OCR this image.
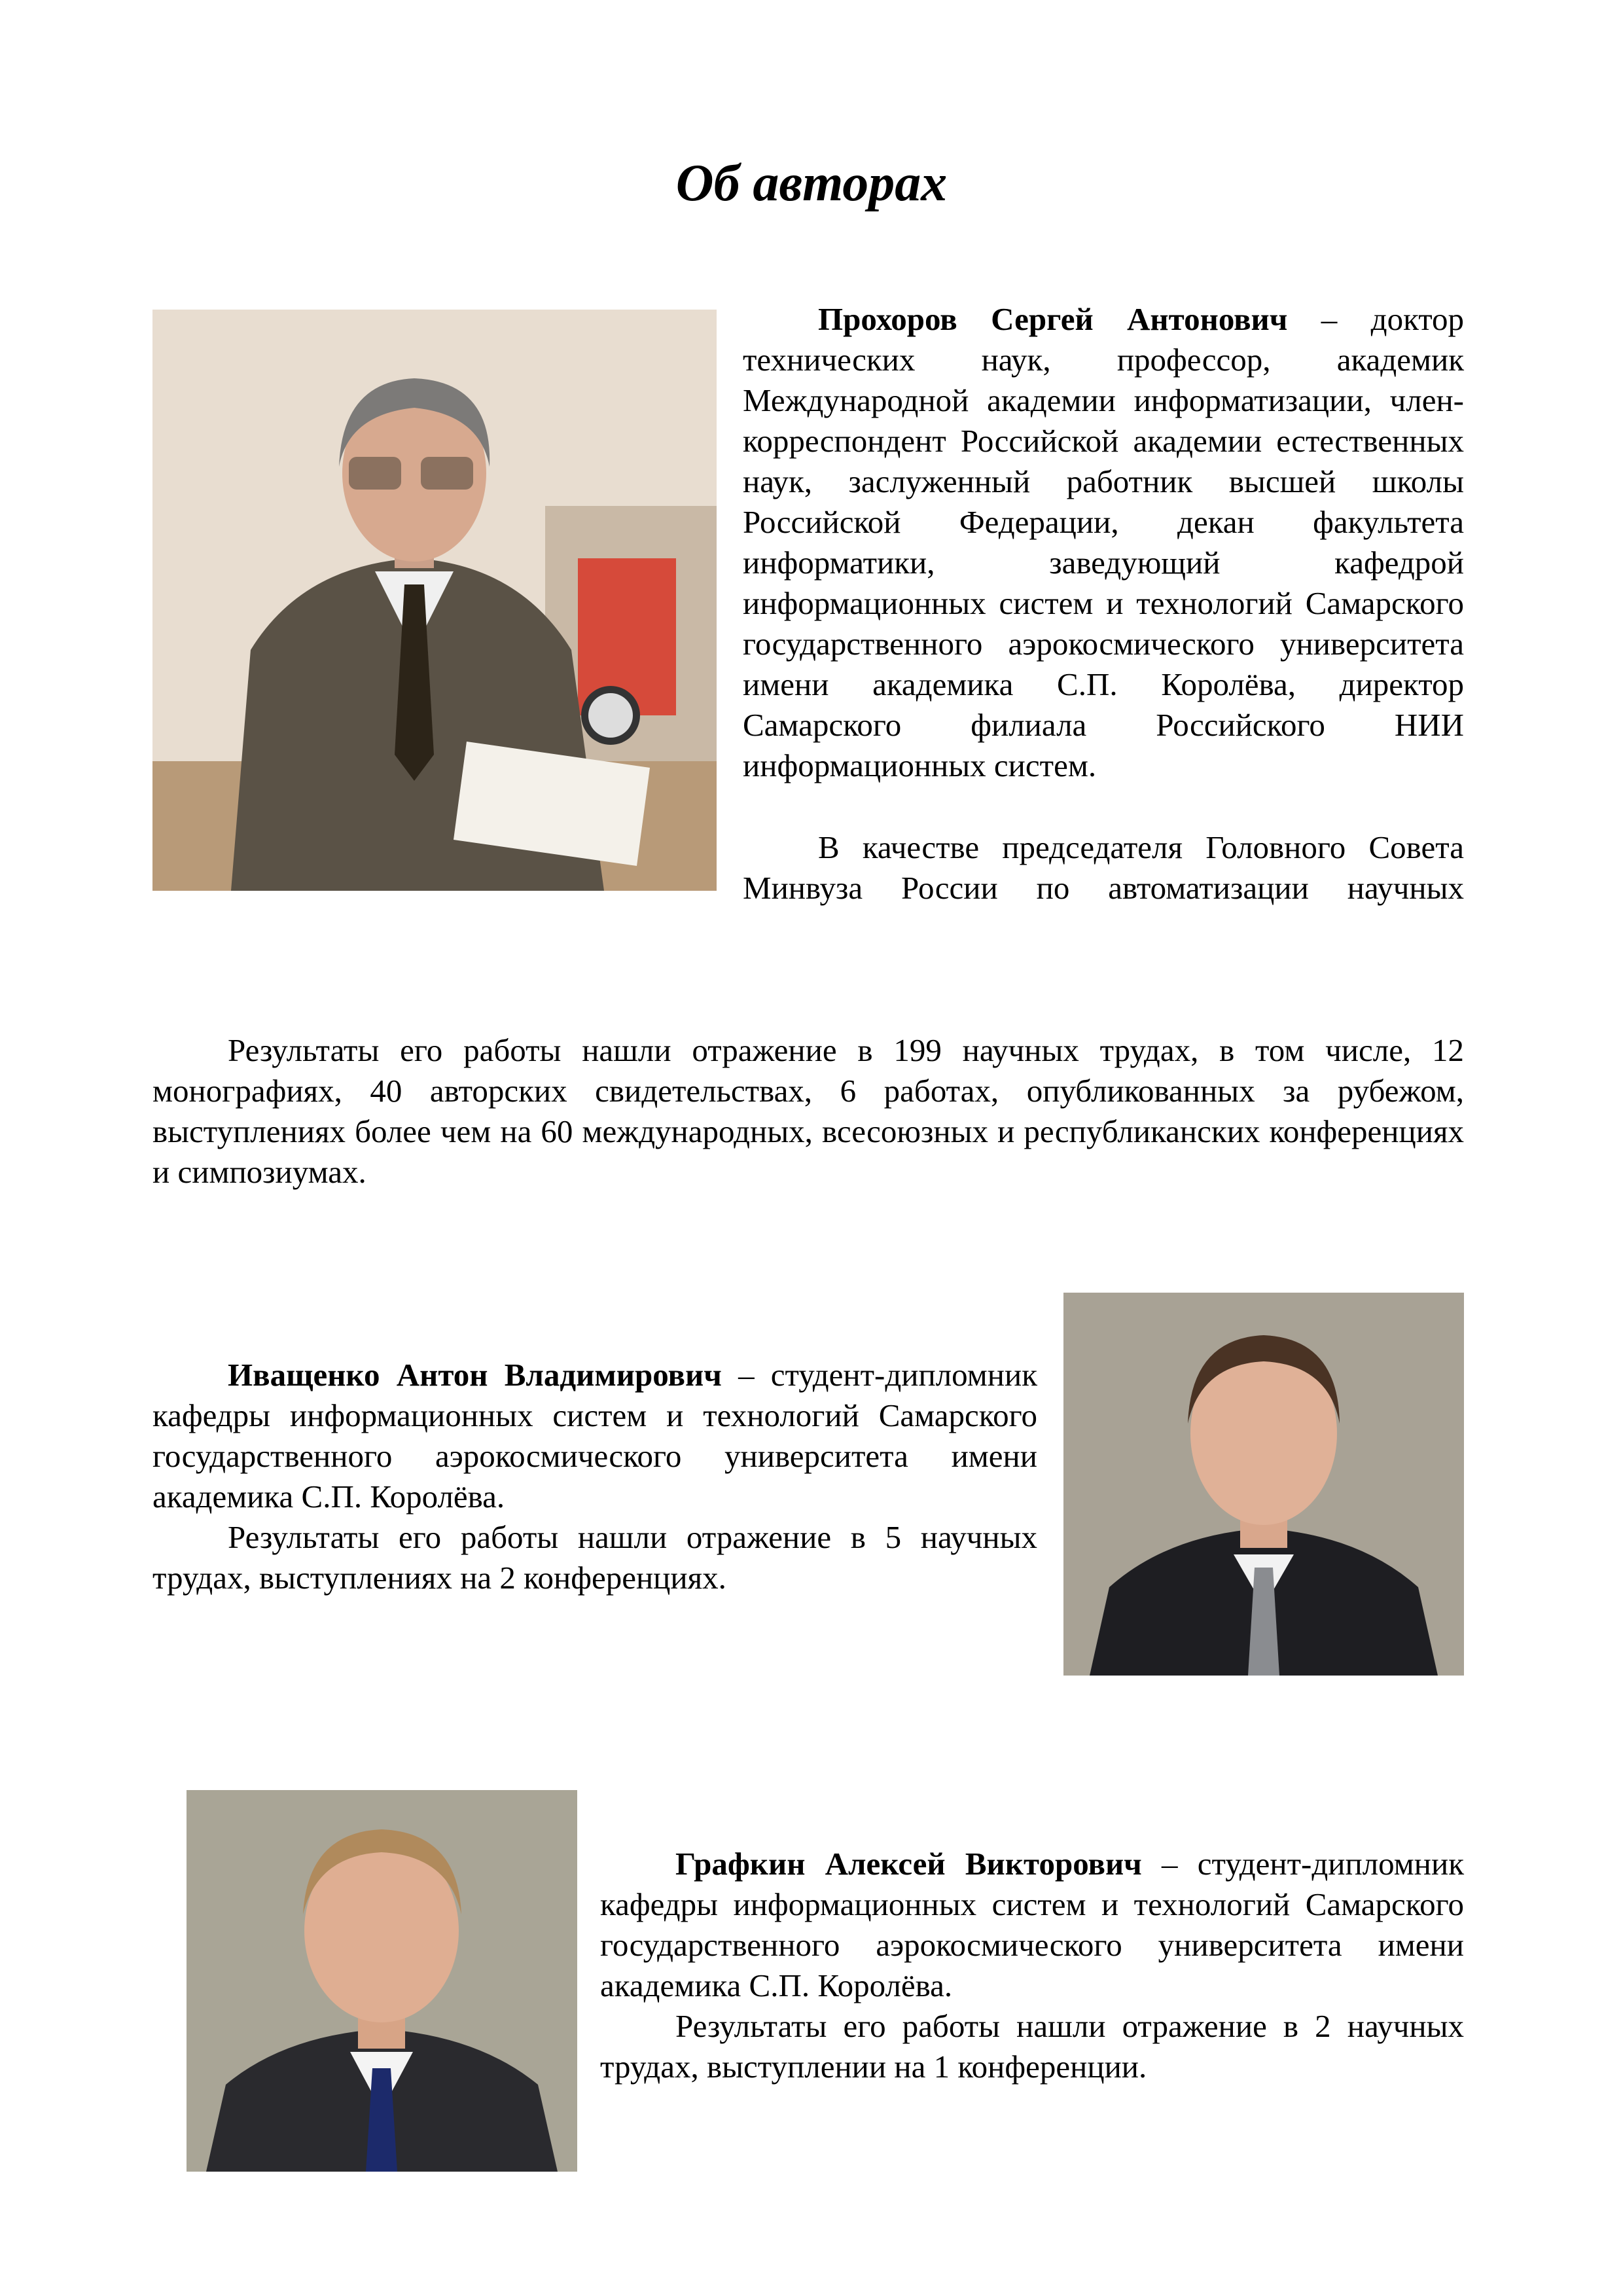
Об авторах

Прохоров Сергей Антонович – доктор технических наук, профессор, академик Международной академии информатизации, член-корреспондент Российской академии естественных наук, заслуженный работник высшей школы Российской Федерации, декан факультета информатики, заведующий кафедрой информационных систем и технологий Самарского государственного аэрокосмического университета имени академика С.П. Королёва, директор Самарского филиала Российского НИИ информационных систем.

В качестве председателя Головного Совета Минвуза России по автоматизации научных

Результаты его работы нашли отражение в 199 научных трудах, в том числе, 12 монографиях, 40 авторских свидетельствах, 6 работах, опубликованных за рубежом, выступлениях более чем на 60 международных, всесоюзных и республиканских конференциях и симпозиумах.

Иващенко Антон Владимирович – студент-дипломник кафедры информационных систем и технологий Самарского государственного аэрокосмического университета имени академика С.П. Королёва.

Результаты его работы нашли отражение в 5 научных трудах, выступлениях на 2 конференциях.

Графкин Алексей Викторович – студент-дипломник кафедры информационных систем и технологий Самарского государственного аэрокосмического университета имени академика С.П. Королёва.

Результаты его работы нашли отражение в 2 научных трудах, выступлении на 1 конференции.
